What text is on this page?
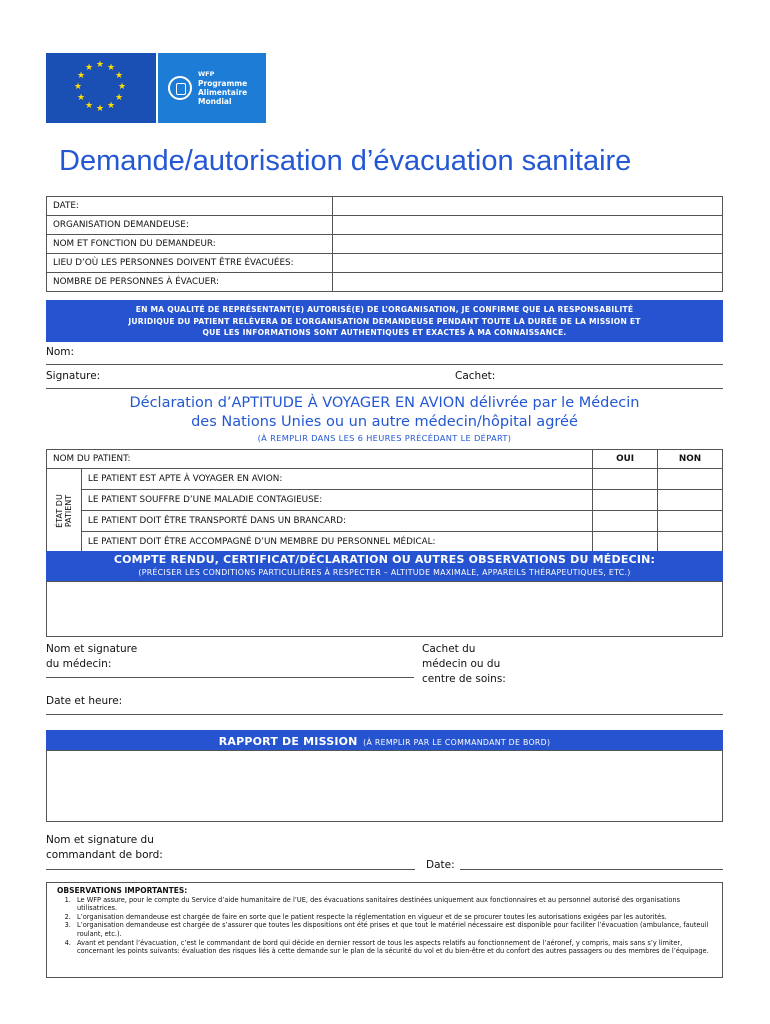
★ ★
★
★
★
★
★
★
★
★
★
★
WFP
Programme
Alimentaire
Mondial
Demande/autorisation d’évacuation sanitaire
DATE:	
ORGANISATION DEMANDEUSE:	
NOM ET FONCTION DU DEMANDEUR:	
LIEU D’OÙ LES PERSONNES DOIVENT ÊTRE ÉVACUÉES:	
NOMBRE DE PERSONNES À ÉVACUER:	
EN MA QUALITÉ DE REPRÉSENTANT(E) AUTORISÉ(E) DE L’ORGANISATION, JE CONFIRME QUE LA RESPONSABILITÉ
JURIDIQUE DU PATIENT RELÈVERA DE L’ORGANISATION DEMANDEUSE PENDANT TOUTE LA DURÉE DE LA MISSION ET
QUE LES INFORMATIONS SONT AUTHENTIQUES ET EXACTES À MA CONNAISSANCE.
Nom:
Signature:	Cachet:
Déclaration d’APTITUDE À VOYAGER EN AVION délivrée par le Médecin
des Nations Unies ou un autre médecin/hôpital agréé
(À REMPLIR DANS LES 6 HEURES PRÉCÉDANT LE DÉPART)
NOM DU PATIENT:		OUI	NON

ÉTAT DU PATIENT	LE PATIENT EST APTE À VOYAGER EN AVION:		
	LE PATIENT SOUFFRE D’UNE MALADIE CONTAGIEUSE:		
	LE PATIENT DOIT ÊTRE TRANSPORTÉ DANS UN BRANCARD:		
	LE PATIENT DOIT ÊTRE ACCOMPAGNÉ D’UN MEMBRE DU PERSONNEL MÉDICAL:		
COMPTE RENDU, CERTIFICAT/DÉCLARATION OU AUTRES OBSERVATIONS DU MÉDECIN:
(PRÉCISER LES CONDITIONS PARTICULIÈRES À RESPECTER – ALTITUDE MAXIMALE, APPAREILS THÉRAPEUTIQUES, ETC.)
Nom et signature
du médecin:
Cachet du
médecin ou du
centre de soins:
Date et heure:
RAPPORT DE MISSION (À REMPLIR PAR LE COMMANDANT DE BORD)
Nom et signature du
commandant de bord:
Date:
OBSERVATIONS IMPORTANTES:
1. Le WFP assure, pour le compte du Service d’aide humanitaire de l’UE, des évacuations sanitaires destinées uniquement aux fonctionnaires et au personnel autorisé des organisations utilisatrices.
2. L’organisation demandeuse est chargée de faire en sorte que le patient respecte la réglementation en vigueur et de se procurer toutes les autorisations exigées par les autorités.
3. L’organisation demandeuse est chargée de s’assurer que toutes les dispositions ont été prises et que tout le matériel nécessaire est disponible pour faciliter l’évacuation (ambulance, fauteuil roulant, etc.).
4. Avant et pendant l’évacuation, c’est le commandant de bord qui décide en dernier ressort de tous les aspects relatifs au fonctionnement de l’aéronef, y compris, mais sans s’y limiter, concernant les points suivants: évaluation des risques liés à cette demande sur le plan de la sécurité du vol et du bien-être et du confort des autres passagers ou des membres de l’équipage.
